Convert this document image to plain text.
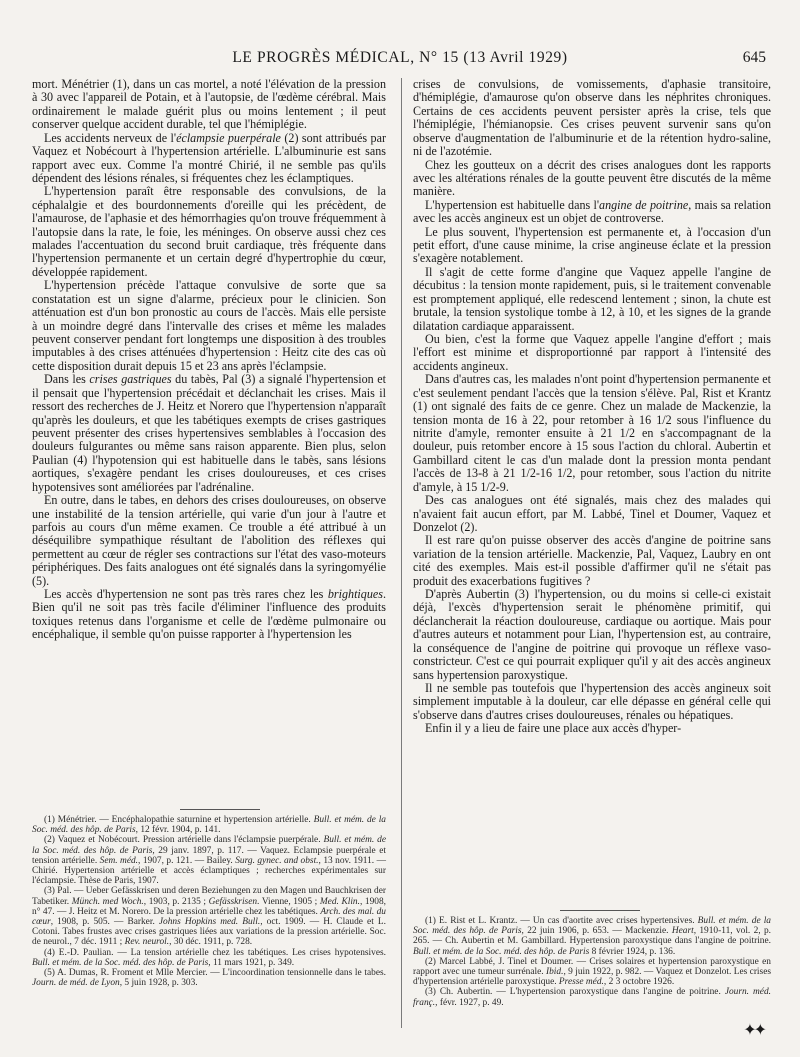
LE PROGRÈS MÉDICAL, N° 15 (13 Avril 1929)	645

mort. Ménétrier (1), dans un cas mortel, a noté l'élévation de la pression à 30 avec l'appareil de Potain, et à l'autopsie, de l'œdème cérébral. Mais ordinairement le malade guérit plus ou moins lentement ; il peut conserver quelque accident durable, tel que l'hémiplégie.

Les accidents nerveux de l'éclampsie puerpérale (2) sont attribués par Vaquez et Nobécourt à l'hypertension artérielle. L'albuminurie est sans rapport avec eux. Comme l'a montré Chirié, il ne semble pas qu'ils dépendent des lésions rénales, si fréquentes chez les éclamptiques.

L'hypertension paraît être responsable des convulsions, de la céphalalgie et des bourdonnements d'oreille qui les précèdent, de l'amaurose, de l'aphasie et des hémorrhagies qu'on trouve fréquemment à l'autopsie dans la rate, le foie, les méninges. On observe aussi chez ces malades l'accentuation du second bruit cardiaque, très fréquente dans l'hypertension permanente et un certain degré d'hypertrophie du cœur, développée rapidement.

L'hypertension précède l'attaque convulsive de sorte que sa constatation est un signe d'alarme, précieux pour le clinicien. Son atténuation est d'un bon pronostic au cours de l'accès. Mais elle persiste à un moindre degré dans l'intervalle des crises et même les malades peuvent conserver pendant fort longtemps une disposition à des troubles imputables à des crises atténuées d'hypertension : Heitz cite des cas où cette disposition durait depuis 15 et 23 ans après l'éclampsie.

Dans les crises gastriques du tabès, Pal (3) a signalé l'hypertension et il pensait que l'hypertension précédait et déclanchait les crises. Mais il ressort des recherches de J. Heitz et Norero que l'hypertension n'apparaît qu'après les douleurs, et que les tabétiques exempts de crises gastriques peuvent présenter des crises hypertensives semblables à l'occasion des douleurs fulgurantes ou même sans raison apparente. Bien plus, selon Paulian (4) l'hypotension qui est habituelle dans le tabès, sans lésions aortiques, s'exagère pendant les crises douloureuses, et ces crises hypotensives sont améliorées par l'adrénaline.

En outre, dans le tabes, en dehors des crises douloureuses, on observe une instabilité de la tension artérielle, qui varie d'un jour à l'autre et parfois au cours d'un même examen. Ce trouble a été attribué à un déséquilibre sympathique résultant de l'abolition des réflexes qui permettent au cœur de régler ses contractions sur l'état des vaso-moteurs périphériques. Des faits analogues ont été signalés dans la syringomyélie (5).

Les accès d'hypertension ne sont pas très rares chez les brightiques. Bien qu'il ne soit pas très facile d'éliminer l'influence des produits toxiques retenus dans l'organisme et celle de l'œdème pulmonaire ou encéphalique, il semble qu'on puisse rapporter à l'hypertension les

crises de convulsions, de vomissements, d'aphasie transitoire, d'hémiplégie, d'amaurose qu'on observe dans les néphrites chroniques. Certains de ces accidents peuvent persister après la crise, tels que l'hémiplégie, l'hémianopsie. Ces crises peuvent survenir sans qu'on observe d'augmentation de l'albuminurie et de la rétention hydro-saline, ni de l'azotémie.

Chez les goutteux on a décrit des crises analogues dont les rapports avec les altérations rénales de la goutte peuvent être discutés de la même manière.

L'hypertension est habituelle dans l'angine de poitrine, mais sa relation avec les accès angineux est un objet de controverse.

Le plus souvent, l'hypertension est permanente et, à l'occasion d'un petit effort, d'une cause minime, la crise angineuse éclate et la pression s'exagère notablement.

Il s'agit de cette forme d'angine que Vaquez appelle l'angine de décubitus : la tension monte rapidement, puis, si le traitement convenable est promptement appliqué, elle redescend lentement ; sinon, la chute est brutale, la tension systolique tombe à 12, à 10, et les signes de la grande dilatation cardiaque apparaissent.

Ou bien, c'est la forme que Vaquez appelle l'angine d'effort ; mais l'effort est minime et disproportionné par rapport à l'intensité des accidents angineux.

Dans d'autres cas, les malades n'ont point d'hypertension permanente et c'est seulement pendant l'accès que la tension s'élève. Pal, Rist et Krantz (1) ont signalé des faits de ce genre. Chez un malade de Mackenzie, la tension monta de 16 à 22, pour retomber à 16 1/2 sous l'influence du nitrite d'amyle, remonter ensuite à 21 1/2 en s'accompagnant de la douleur, puis retomber encore à 15 sous l'action du chloral. Aubertin et Gambillard citent le cas d'un malade dont la pression monta pendant l'accès de 13-8 à 21 1/2-16 1/2, pour retomber, sous l'action du nitrite d'amyle, à 15 1/2-9.

Des cas analogues ont été signalés, mais chez des malades qui n'avaient fait aucun effort, par M. Labbé, Tinel et Doumer, Vaquez et Donzelot (2).

Il est rare qu'on puisse observer des accès d'angine de poitrine sans variation de la tension artérielle. Mackenzie, Pal, Vaquez, Laubry en ont cité des exemples. Mais est-il possible d'affirmer qu'il ne s'était pas produit des exacerbations fugitives ?

D'après Aubertin (3) l'hypertension, ou du moins si celle-ci existait déjà, l'excès d'hypertension serait le phénomène primitif, qui déclancherait la réaction douloureuse, cardiaque ou aortique. Mais pour d'autres auteurs et notamment pour Lian, l'hypertension est, au contraire, la conséquence de l'angine de poitrine qui provoque un réflexe vaso-constricteur. C'est ce qui pourrait expliquer qu'il y ait des accès angineux sans hypertension paroxystique.

Il ne semble pas toutefois que l'hypertension des accès angineux soit simplement imputable à la douleur, car elle dépasse en général celle qui s'observe dans d'autres crises douloureuses, rénales ou hépatiques.

Enfin il y a lieu de faire une place aux accès d'hyper-

(1) Ménétrier. — Encéphalopathie saturnine et hypertension artérielle. Bull. et mém. de la Soc. méd. des hôp. de Paris, 12 févr. 1904, p. 141.

(2) Vaquez et Nobécourt. Pression artérielle dans l'éclampsie puerpérale. Bull. et mém. de la Soc. méd. des hôp. de Paris, 29 janv. 1897, p. 117. — Vaquez. Eclampsie puerpérale et tension artérielle. Sem. méd., 1907, p. 121. — Bailey. Surg. gynec. and obst., 13 nov. 1911. — Chirié. Hypertension artérielle et accès éclamptiques ; recherches expérimentales sur l'éclampsie. Thèse de Paris, 1907.

(3) Pal. — Ueber Gefässkrisen und deren Beziehungen zu den Magen und Bauchkrisen der Tabetiker. Münch. med Woch., 1903, p. 2135 ; Gefässkrisen. Vienne, 1905 ; Med. Klin., 1908, n° 47. — J. Heitz et M. Norero. De la pression artérielle chez les tabétiques. Arch. des mal. du cœur, 1908, p. 505. — Barker. Johns Hopkins med. Bull., oct. 1909. — H. Claude et L. Cotoni. Tabes frustes avec crises gastriques liées aux variations de la pression artérielle. Soc. de neurol., 7 déc. 1911 ; Rev. neurol., 30 déc. 1911, p. 728.

(4) E.-D. Paulian. — La tension artérielle chez les tabétiques. Les crises hypotensives. Bull. et mém. de la Soc. méd. des hôp. de Paris, 11 mars 1921, p. 349.

(5) A. Dumas, R. Froment et Mlle Mercier. — L'incoordination tensionnelle dans le tabes. Journ. de méd. de Lyon, 5 juin 1928, p. 303.

(1) E. Rist et L. Krantz. — Un cas d'aortite avec crises hypertensives. Bull. et mém. de la Soc. méd. des hôp. de Paris, 22 juin 1906, p. 653. — Mackenzie. Heart, 1910-11, vol. 2, p. 265. — Ch. Aubertin et M. Gambillard. Hypertension paroxystique dans l'angine de poitrine. Bull. et mém. de la Soc. méd. des hôp. de Paris 8 février 1924, p. 136.

(2) Marcel Labbé, J. Tinel et Doumer. — Crises solaires et hypertension paroxystique en rapport avec une tumeur surrénale. Ibid., 9 juin 1922, p. 982. — Vaquez et Donzelot. Les crises d'hypertension artérielle paroxystique. Presse méd., 2 3 octobre 1926.

(3) Ch. Aubertin. — L'hypertension paroxystique dans l'angine de poitrine. Journ. méd. franç., févr. 1927, p. 49.

✦✦
